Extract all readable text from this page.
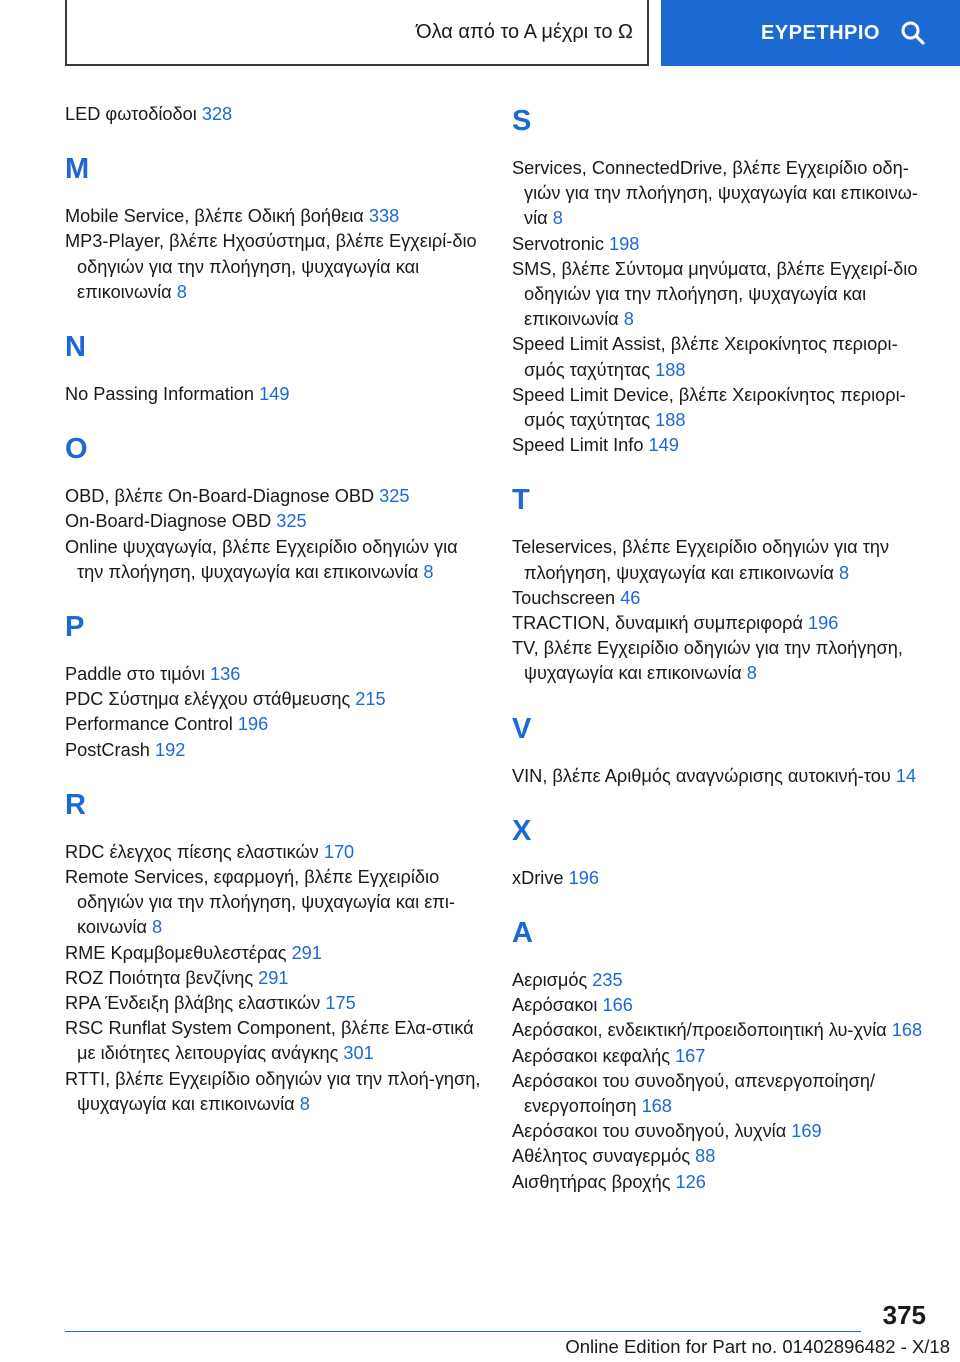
Όλα από το Α μέχρι το Ω	ΕΥΡΕΤΗΡΙΟ

LED φωτοδίοδοι 328

M

Mobile Service, βλέπε Οδική βοήθεια 338

MP3-Player, βλέπε Ηχοσύστημα, βλέπε Εγχειρί-διο οδηγιών για την πλοήγηση, ψυχαγωγία και επικοινωνία 8

N

No Passing Information 149

O

OBD, βλέπε On-Board-Diagnose OBD 325

On-Board-Diagnose OBD 325

Online ψυχαγωγία, βλέπε Εγχειρίδιο οδηγιών για την πλοήγηση, ψυχαγωγία και επικοινωνία 8

P

Paddle στο τιμόνι 136

PDC Σύστημα ελέγχου στάθμευσης 215

Performance Control 196

PostCrash 192

R

RDC έλεγχος πίεσης ελαστικών 170

Remote Services, εφαρμογή, βλέπε Εγχειρίδιο οδηγιών για την πλοήγηση, ψυχαγωγία και επι-κοινωνία 8

RME Κραμβομεθυλεστέρας 291

ROZ Ποιότητα βενζίνης 291

RPA Ένδειξη βλάβης ελαστικών 175

RSC Runflat System Component, βλέπε Ελα-στικά με ιδιότητες λειτουργίας ανάγκης 301

RTTI, βλέπε Εγχειρίδιο οδηγιών για την πλοή-γηση, ψυχαγωγία και επικοινωνία 8

S

Services, ConnectedDrive, βλέπε Εγχειρίδιο οδη-γιών για την πλοήγηση, ψυχαγωγία και επικοινω-νία 8

Servotronic 198

SMS, βλέπε Σύντομα μηνύματα, βλέπε Εγχειρί-διο οδηγιών για την πλοήγηση, ψυχαγωγία και επικοινωνία 8

Speed Limit Assist, βλέπε Χειροκίνητος περιορι-σμός ταχύτητας 188

Speed Limit Device, βλέπε Χειροκίνητος περιορι-σμός ταχύτητας 188

Speed Limit Info 149

T

Teleservices, βλέπε Εγχειρίδιο οδηγιών για την πλοήγηση, ψυχαγωγία και επικοινωνία 8

Touchscreen 46

TRACTION, δυναμική συμπεριφορά 196

TV, βλέπε Εγχειρίδιο οδηγιών για την πλοήγηση, ψυχαγωγία και επικοινωνία 8

V

VIN, βλέπε Αριθμός αναγνώρισης αυτοκινή-του 14

X

xDrive 196

Α

Αερισμός 235

Αερόσακοι 166

Αερόσακοι, ενδεικτική/προειδοποιητική λυ-χνία 168

Αερόσακοι κεφαλής 167

Αερόσακοι του συνοδηγού, απενεργοποίηση/ενεργοποίηση 168

Αερόσακοι του συνοδηγού, λυχνία 169

Αθέλητος συναγερμός 88

Αισθητήρας βροχής 126

375
Online Edition for Part no. 01402896482 - X/18
